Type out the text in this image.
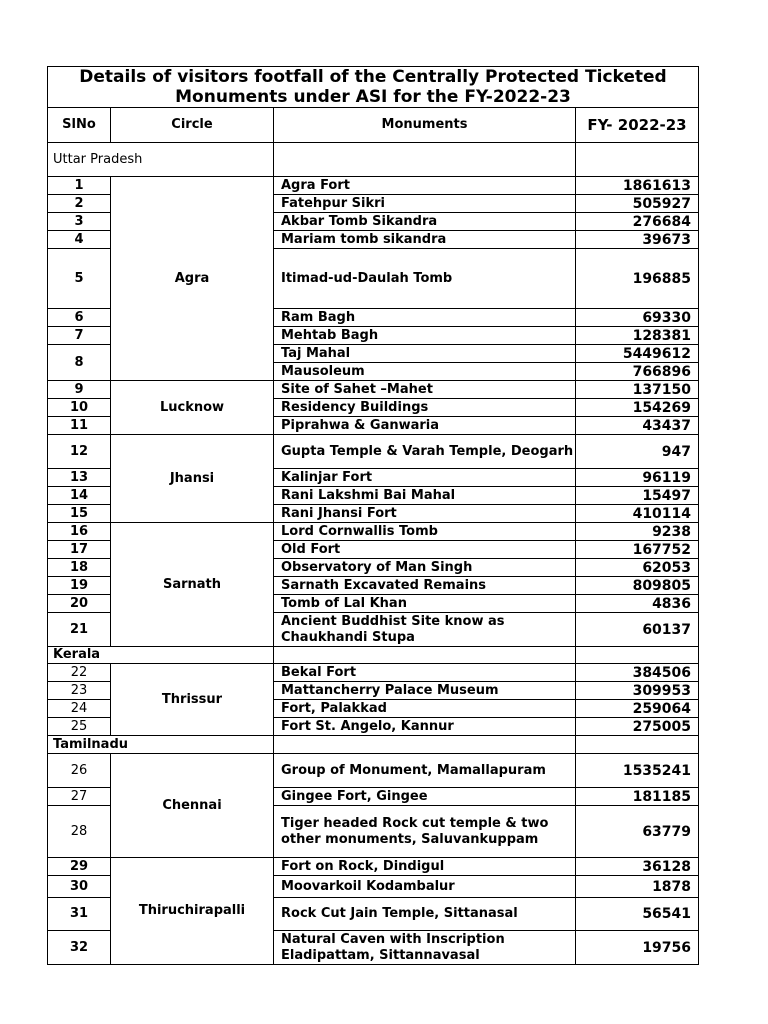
Details of visitors footfall of the Centrally Protected Ticketed Monuments under ASI for the FY-2022-23			
SlNo	Circle	Monuments	FY- 2022-23
Uttar Pradesh			
1	Agra	Agra Fort	1861613
2		Fatehpur Sikri	505927
3		Akbar Tomb Sikandra	276684
4		Mariam tomb sikandra	39673
5		Itimad-ud-Daulah Tomb	196885
6		Ram Bagh	69330
7		Mehtab Bagh	128381
8		Taj Mahal	5449612
		Mausoleum	766896
9	Lucknow	Site of Sahet –Mahet	137150
10		Residency Buildings	154269
11		Piprahwa & Ganwaria	43437
12	Jhansi	Gupta Temple & Varah Temple, Deogarh	947
13		Kalinjar Fort	96119
14		Rani Lakshmi Bai Mahal	15497
15		Rani Jhansi Fort	410114
16	Sarnath	Lord Cornwallis Tomb	9238
17		Old Fort	167752
18		Observatory of Man Singh	62053
19		Sarnath Excavated Remains	809805
20		Tomb of Lal Khan	4836
21		Ancient Buddhist Site know as Chaukhandi Stupa	60137
Kerala			
22	Thrissur	Bekal Fort	384506
23		Mattancherry Palace Museum	309953
24		Fort, Palakkad	259064
25		Fort St. Angelo, Kannur	275005
Tamilnadu			
26	Chennai	Group of Monument, Mamallapuram	1535241
27		Gingee Fort, Gingee	181185
28		Tiger headed Rock cut temple & two other monuments, Saluvankuppam	63779
29	Thiruchirapalli	Fort on Rock, Dindigul	36128
30		Moovarkoil Kodambalur	1878
31		Rock Cut Jain Temple, Sittanasal	56541
32		Natural Caven with Inscription Eladipattam, Sittannavasal	19756
